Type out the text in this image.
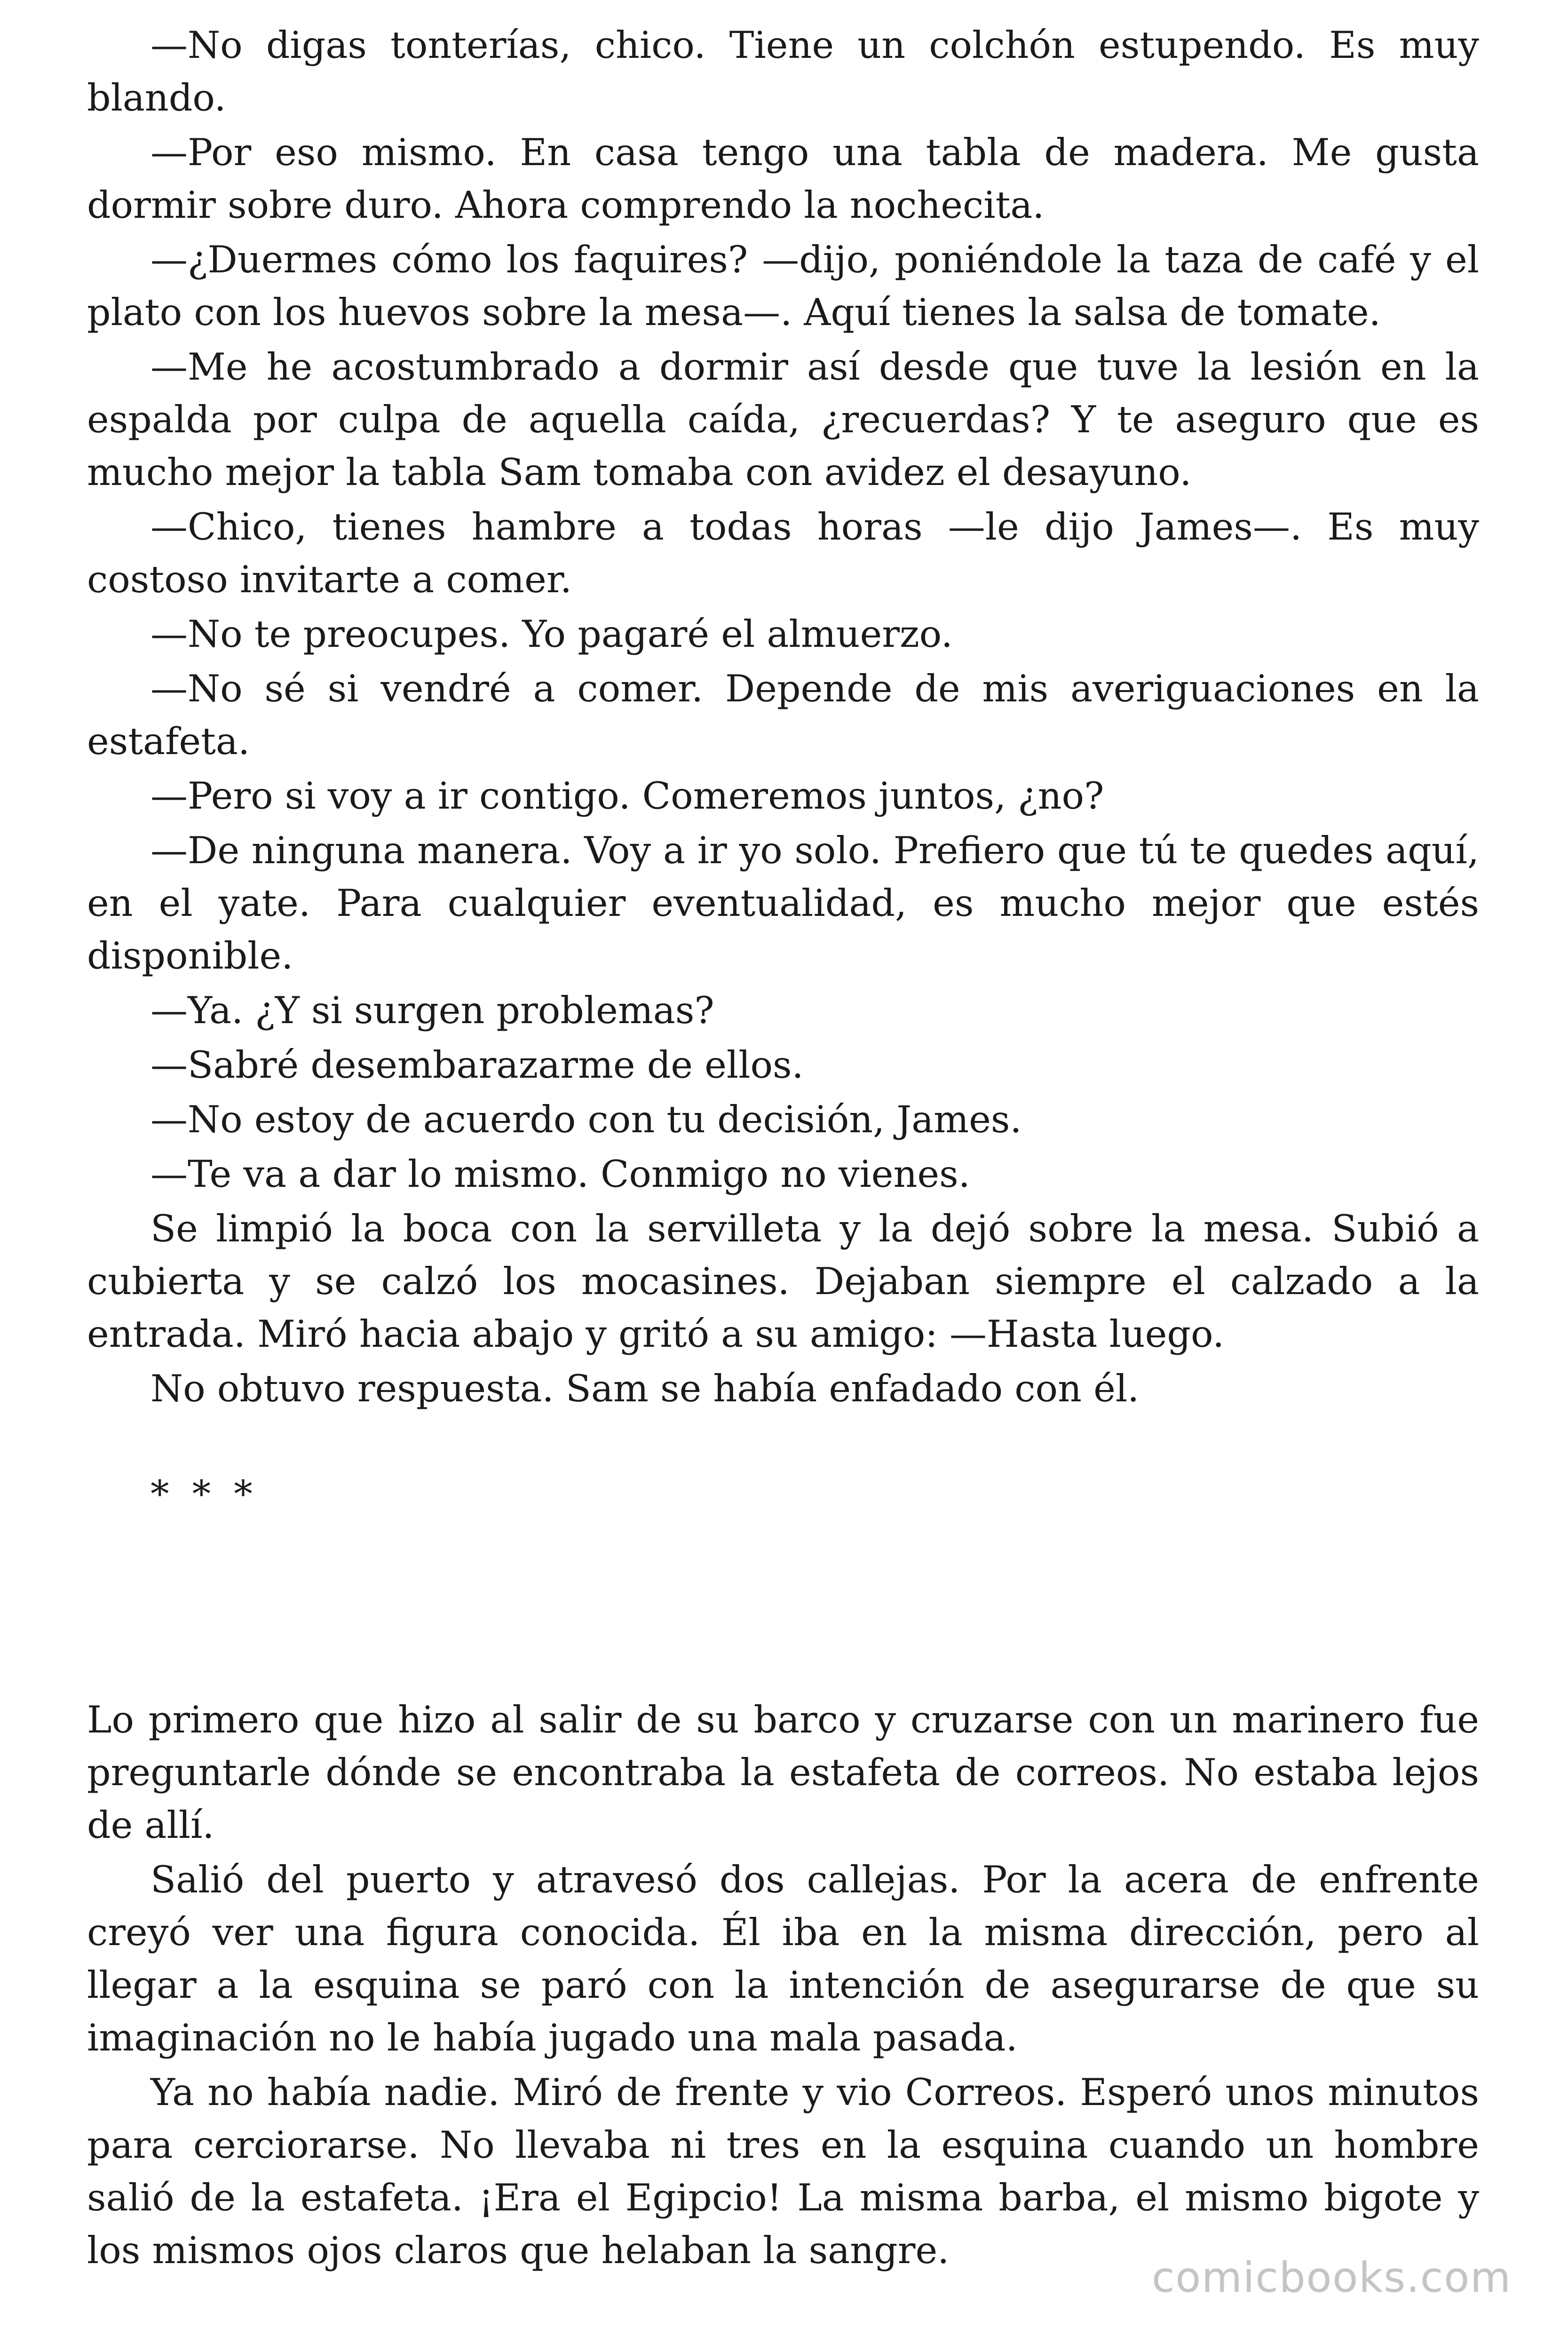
—No digas tonterías, chico. Tiene un colchón estupendo. Es muy blando.

—Por eso mismo. En casa tengo una tabla de madera. Me gusta dormir sobre duro. Ahora comprendo la nochecita.

—¿Duermes cómo los faquires? —dijo, poniéndole la taza de café y el plato con los huevos sobre la mesa—. Aquí tienes la salsa de tomate.

—Me he acostumbrado a dormir así desde que tuve la lesión en la espalda por culpa de aquella caída, ¿recuerdas? Y te aseguro que es mucho mejor la tabla Sam tomaba con avidez el desayuno.

—Chico, tienes hambre a todas horas —le dijo James—. Es muy costoso invitarte a comer.

—No te preocupes. Yo pagaré el almuerzo.

—No sé si vendré a comer. Depende de mis averiguaciones en la estafeta.

—Pero si voy a ir contigo. Comeremos juntos, ¿no?

—De ninguna manera. Voy a ir yo solo. Prefiero que tú te quedes aquí, en el yate. Para cualquier eventualidad, es mucho mejor que estés disponible.

—Ya. ¿Y si surgen problemas?

—Sabré desembarazarme de ellos.

—No estoy de acuerdo con tu decisión, James.

—Te va a dar lo mismo. Conmigo no vienes.

Se limpió la boca con la servilleta y la dejó sobre la mesa. Subió a cubierta y se calzó los mocasines. Dejaban siempre el calzado a la entrada. Miró hacia abajo y gritó a su amigo: —Hasta luego.

No obtuvo respuesta. Sam se había enfadado con él.

* * *

Lo primero que hizo al salir de su barco y cruzarse con un marinero fue preguntarle dónde se encontraba la estafeta de correos. No estaba lejos de allí.

Salió del puerto y atravesó dos callejas. Por la acera de enfrente creyó ver una figura conocida. Él iba en la misma dirección, pero al llegar a la esquina se paró con la intención de asegurarse de que su imaginación no le había jugado una mala pasada.

Ya no había nadie. Miró de frente y vio Correos. Esperó unos minutos para cerciorarse. No llevaba ni tres en la esquina cuando un hombre salió de la estafeta. ¡Era el Egipcio! La misma barba, el mismo bigote y los mismos ojos claros que helaban la sangre.

comicbooks.com
